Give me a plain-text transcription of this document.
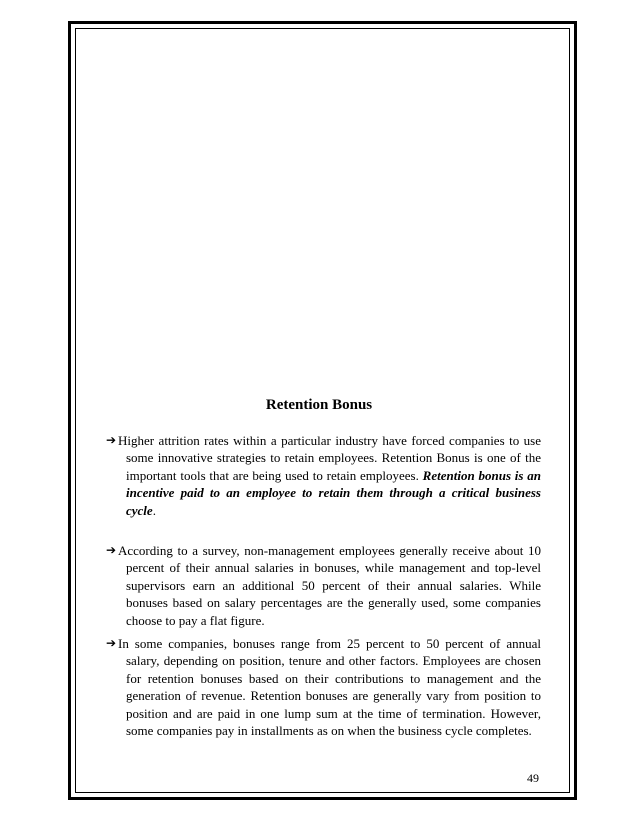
Retention Bonus
➔ Higher attrition rates within a particular industry have forced companies to use some innovative strategies to retain employees. Retention Bonus is one of the important tools that are being used to retain employees. Retention bonus is an incentive paid to an employee to retain them through a critical business cycle.
➔ According to a survey, non-management employees generally receive about 10 percent of their annual salaries in bonuses, while management and top-level supervisors earn an additional 50 percent of their annual salaries. While bonuses based on salary percentages are the generally used, some companies choose to pay a flat figure.
➔ In some companies, bonuses range from 25 percent to 50 percent of annual salary, depending on position, tenure and other factors. Employees are chosen for retention bonuses based on their contributions to management and the generation of revenue. Retention bonuses are generally vary from position to position and are paid in one lump sum at the time of termination. However, some companies pay in installments as on when the business cycle completes.
49
